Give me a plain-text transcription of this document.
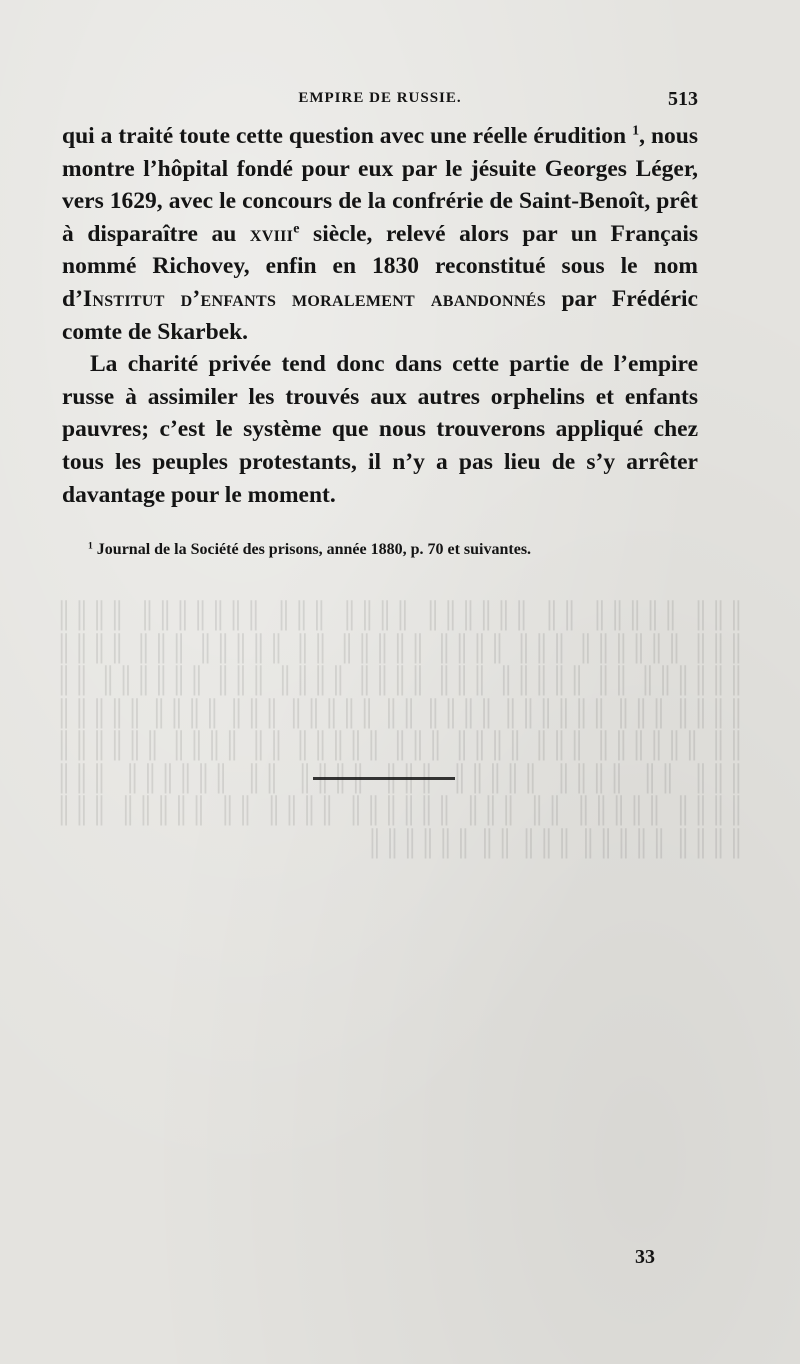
║║║ ║║║║║ ║║ ║║║║║║ ║║║║ ║║║ ║║║║║║║ ║║║║ ║║║ ║║║║║║ ║║║ ║║║║ ║║║║║ ║║ ║║║║║ ║║║ ║║║║ ║║║║║║ ║║ ║║║║║ ║║║ ║║║║ ║║║║ ║║║ ║║║║║║ ║║ ║║║║ ║║║ ║║║║║║ ║║║║ ║║ ║║║║║ ║║║ ║║║║ ║║║║║ ║║ ║║║║║║ ║║║ ║║║║ ║║║ ║║║║║ ║║ ║║║║ ║║║║║║ ║║║ ║║ ║║║║ ║║║║║ ║║║ ║║║║ ║║ ║║║║║║ ║║║ ║║║║ ║║║║║ ║║ ║║║ ║║║║║║ ║║║║ ║║ ║║║║║ ║║║ ║║║║ ║║║║║ ║║║ ║║ ║║║║║║
EMPIRE DE RUSSIE.	513

qui a traité toute cette question avec une réelle érudition $^1$, nous montre l’hôpital fondé pour eux par le jésuite Georges Léger, vers 1629, avec le concours de la confrérie de Saint-Benoît, prêt à disparaître au xviii$^e$ siècle, relevé alors par un Français nommé Richovey, enfin en 1830 reconstitué sous le nom d’Institut d’enfants moralement abandonnés par Frédéric comte de Skarbek.

La charité privée tend donc dans cette partie de l’empire russe à assimiler les trouvés aux autres orphelins et enfants pauvres; c’est le système que nous trouverons appliqué chez tous les peuples protestants, il n’y a pas lieu de s’y arrêter davantage pour le moment.

$^1$ Journal de la Société des prisons, année 1880, p. 70 et suivantes.
33
